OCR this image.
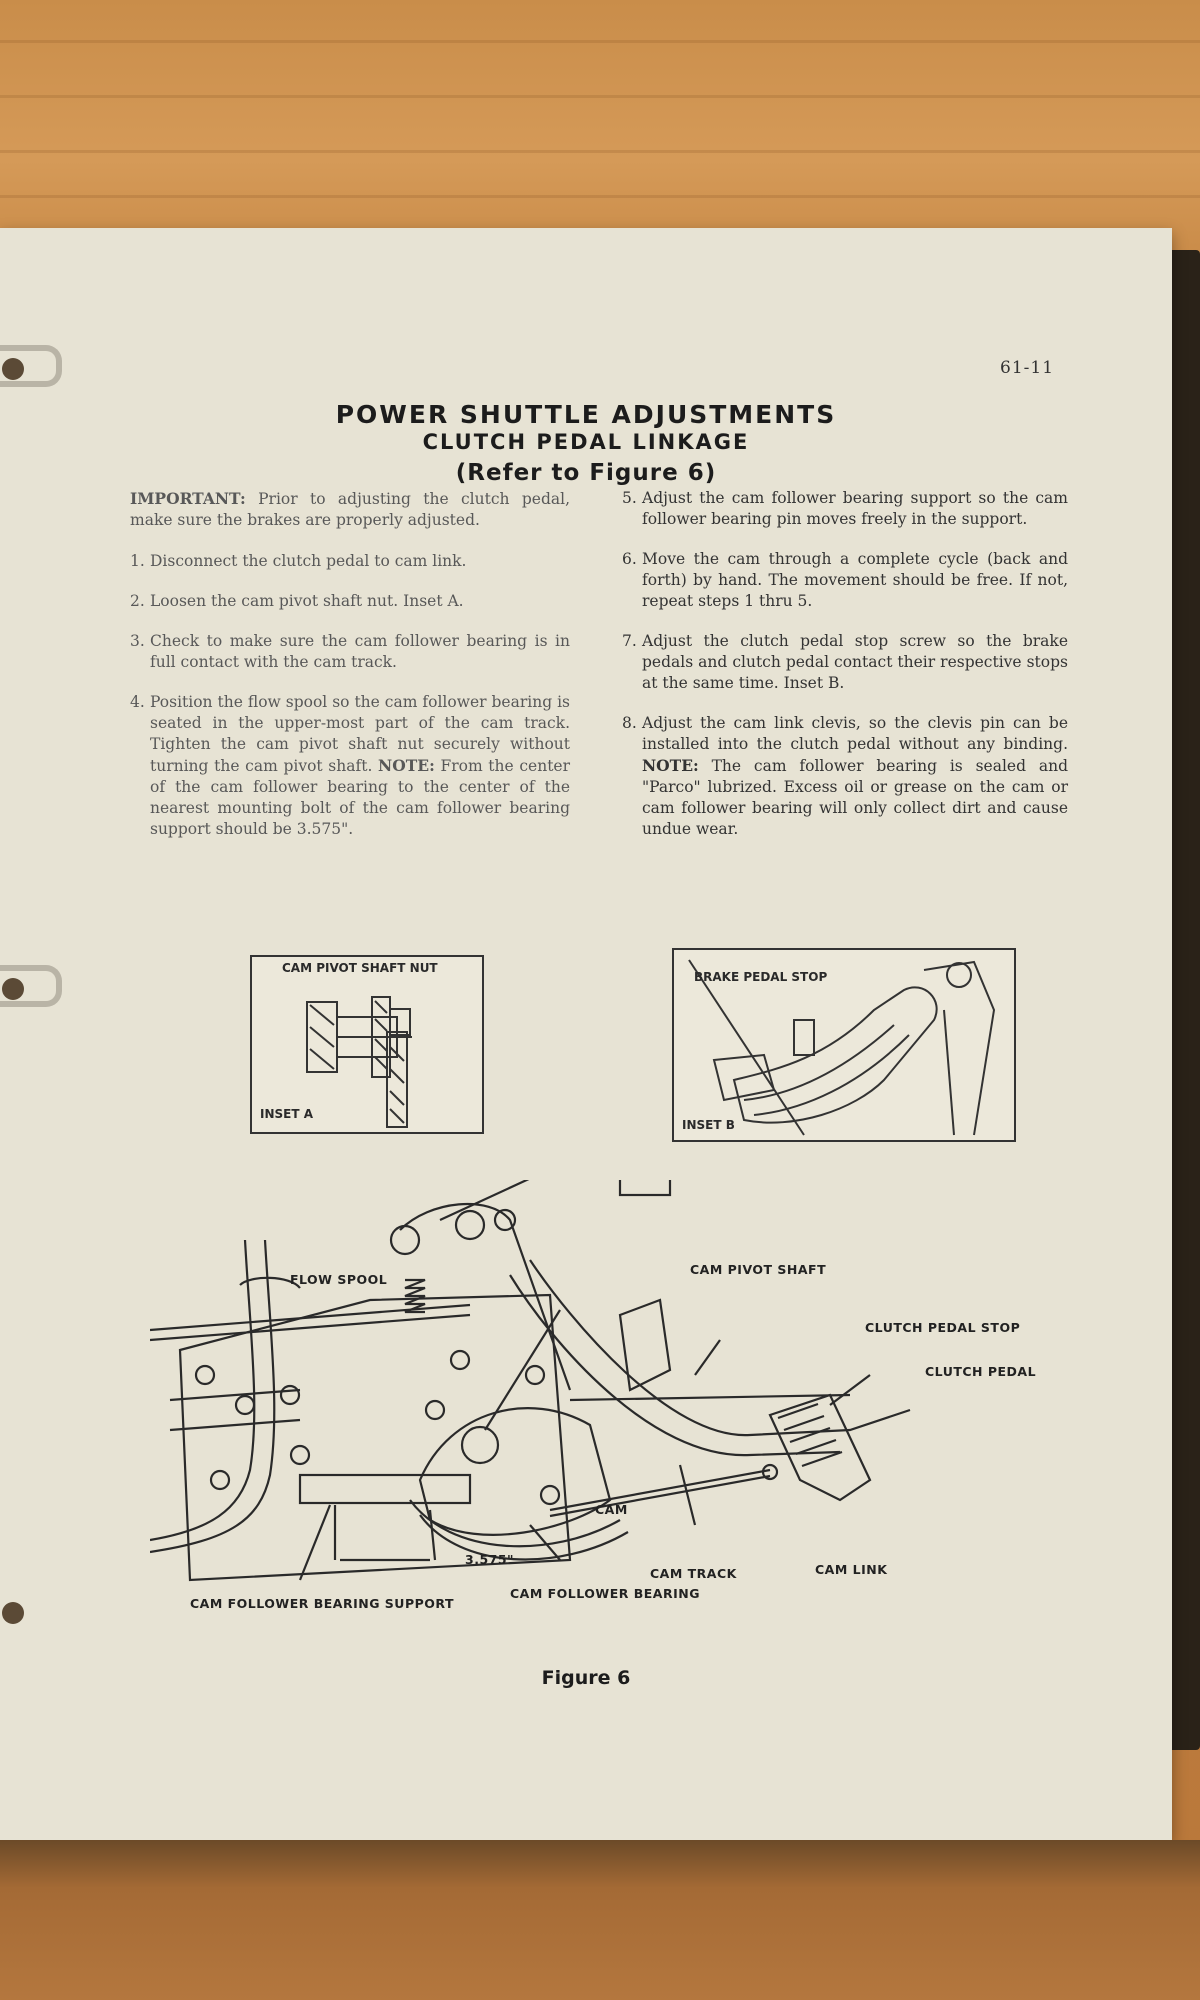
61-11
POWER SHUTTLE ADJUSTMENTS
CLUTCH PEDAL LINKAGE
(Refer to Figure 6)

IMPORTANT: Prior to adjusting the clutch pedal, make sure the brakes are properly adjusted.

1. Disconnect the clutch pedal to cam link.
2. Loosen the cam pivot shaft nut. Inset A.
3. Check to make sure the cam follower bearing is in full contact with the cam track.
4. Position the flow spool so the cam follower bearing is seated in the upper-most part of the cam track. Tighten the cam pivot shaft nut securely without turning the cam pivot shaft. NOTE: From the center of the cam follower bearing to the center of the nearest mounting bolt of the cam follower bearing support should be 3.575".
5. Adjust the cam follower bearing support so the cam follower bearing pin moves freely in the support.
6. Move the cam through a complete cycle (back and forth) by hand. The movement should be free. If not, repeat steps 1 thru 5.
7. Adjust the clutch pedal stop screw so the brake pedals and clutch pedal contact their respective stops at the same time. Inset B.
8. Adjust the cam link clevis, so the clevis pin can be installed into the clutch pedal without any binding. NOTE: The cam follower bearing is sealed and "Parco" lubrized. Excess oil or grease on the cam or cam follower bearing will only collect dirt and cause undue wear.
CAM PIVOT SHAFT NUT
INSET A
BRAKE PEDAL STOP
INSET B
FLOW SPOOL
CAM PIVOT SHAFT
CLUTCH PEDAL STOP
CLUTCH PEDAL
CAM
3.575"
CAM TRACK	CAM LINK
CAM FOLLOWER BEARING SUPPORT
CAM FOLLOWER BEARING
Figure 6
